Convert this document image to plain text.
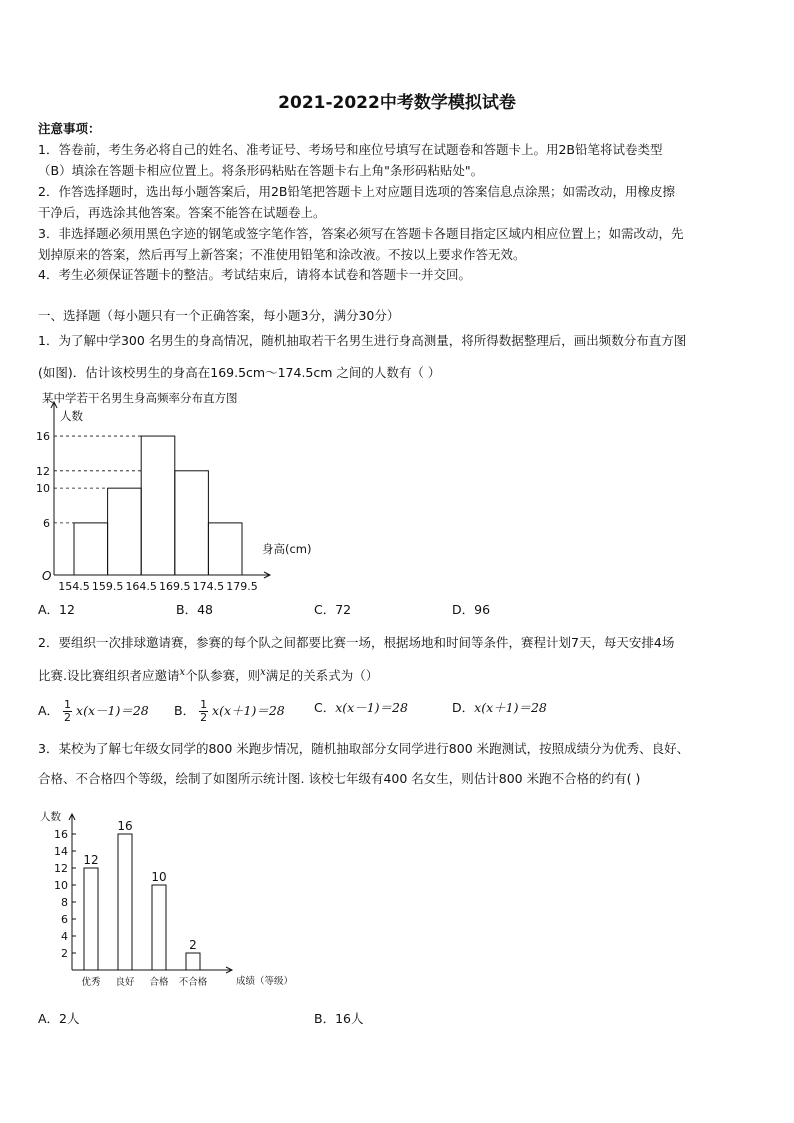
2021-2022中考数学模拟试卷
注意事项：
1．答卷前，考生务必将自己的姓名、准考证号、考场号和座位号填写在试题卷和答题卡上。用2B铅笔将试卷类型
（B）填涂在答题卡相应位置上。将条形码粘贴在答题卡右上角"条形码粘贴处"。
2．作答选择题时，选出每小题答案后，用2B铅笔把答题卡上对应题目选项的答案信息点涂黑；如需改动，用橡皮擦
干净后，再选涂其他答案。答案不能答在试题卷上。
3．非选择题必须用黑色字迹的钢笔或签字笔作答，答案必须写在答题卡各题目指定区域内相应位置上；如需改动，先
划掉原来的答案，然后再写上新答案；不准使用铅笔和涂改液。不按以上要求作答无效。
4．考生必须保证答题卡的整洁。考试结束后，请将本试卷和答题卡一并交回。
一、选择题（每小题只有一个正确答案，每小题3分，满分30分）
1．为了解中学300 名男生的身高情况，随机抽取若干名男生进行身高测量，将所得数据整理后，画出频数分布直方图
(如图)．估计该校男生的身高在169.5cm～174.5cm 之间的人数有（ ）
某中学若干名男生身高频率分布直方图
人数
身高(cm)
O
6
10
12
16
154.5 159.5 164.5 169.5 174.5 179.5
A．12	B．48	C．72	D．96
2．要组织一次排球邀请赛，参赛的每个队之间都要比赛一场，根据场地和时间等条件，赛程计划7天，每天安排4场
比赛.设比赛组织者应邀请$^x$个队参赛，则$^x$满足的关系式为（）
A． $\frac{1}{2} x(x-1)=28$ B． $\frac{1}{2} x(x+1)=28$ C．x(x－1)＝28	D．x(x＋1)＝28
3．某校为了解七年级女同学的800 米跑步情况，随机抽取部分女同学进行800 米跑测试，按照成绩分为优秀、良好、
合格、不合格四个等级，绘制了如图所示统计图. 该校七年级有400 名女生，则估计800 米跑不合格的约有( )
人数
成绩（等级）
2
4
6
8
10
12
14
16
12
优秀
16
良好
10
合格
2
不合格
A．2人	B．16人
